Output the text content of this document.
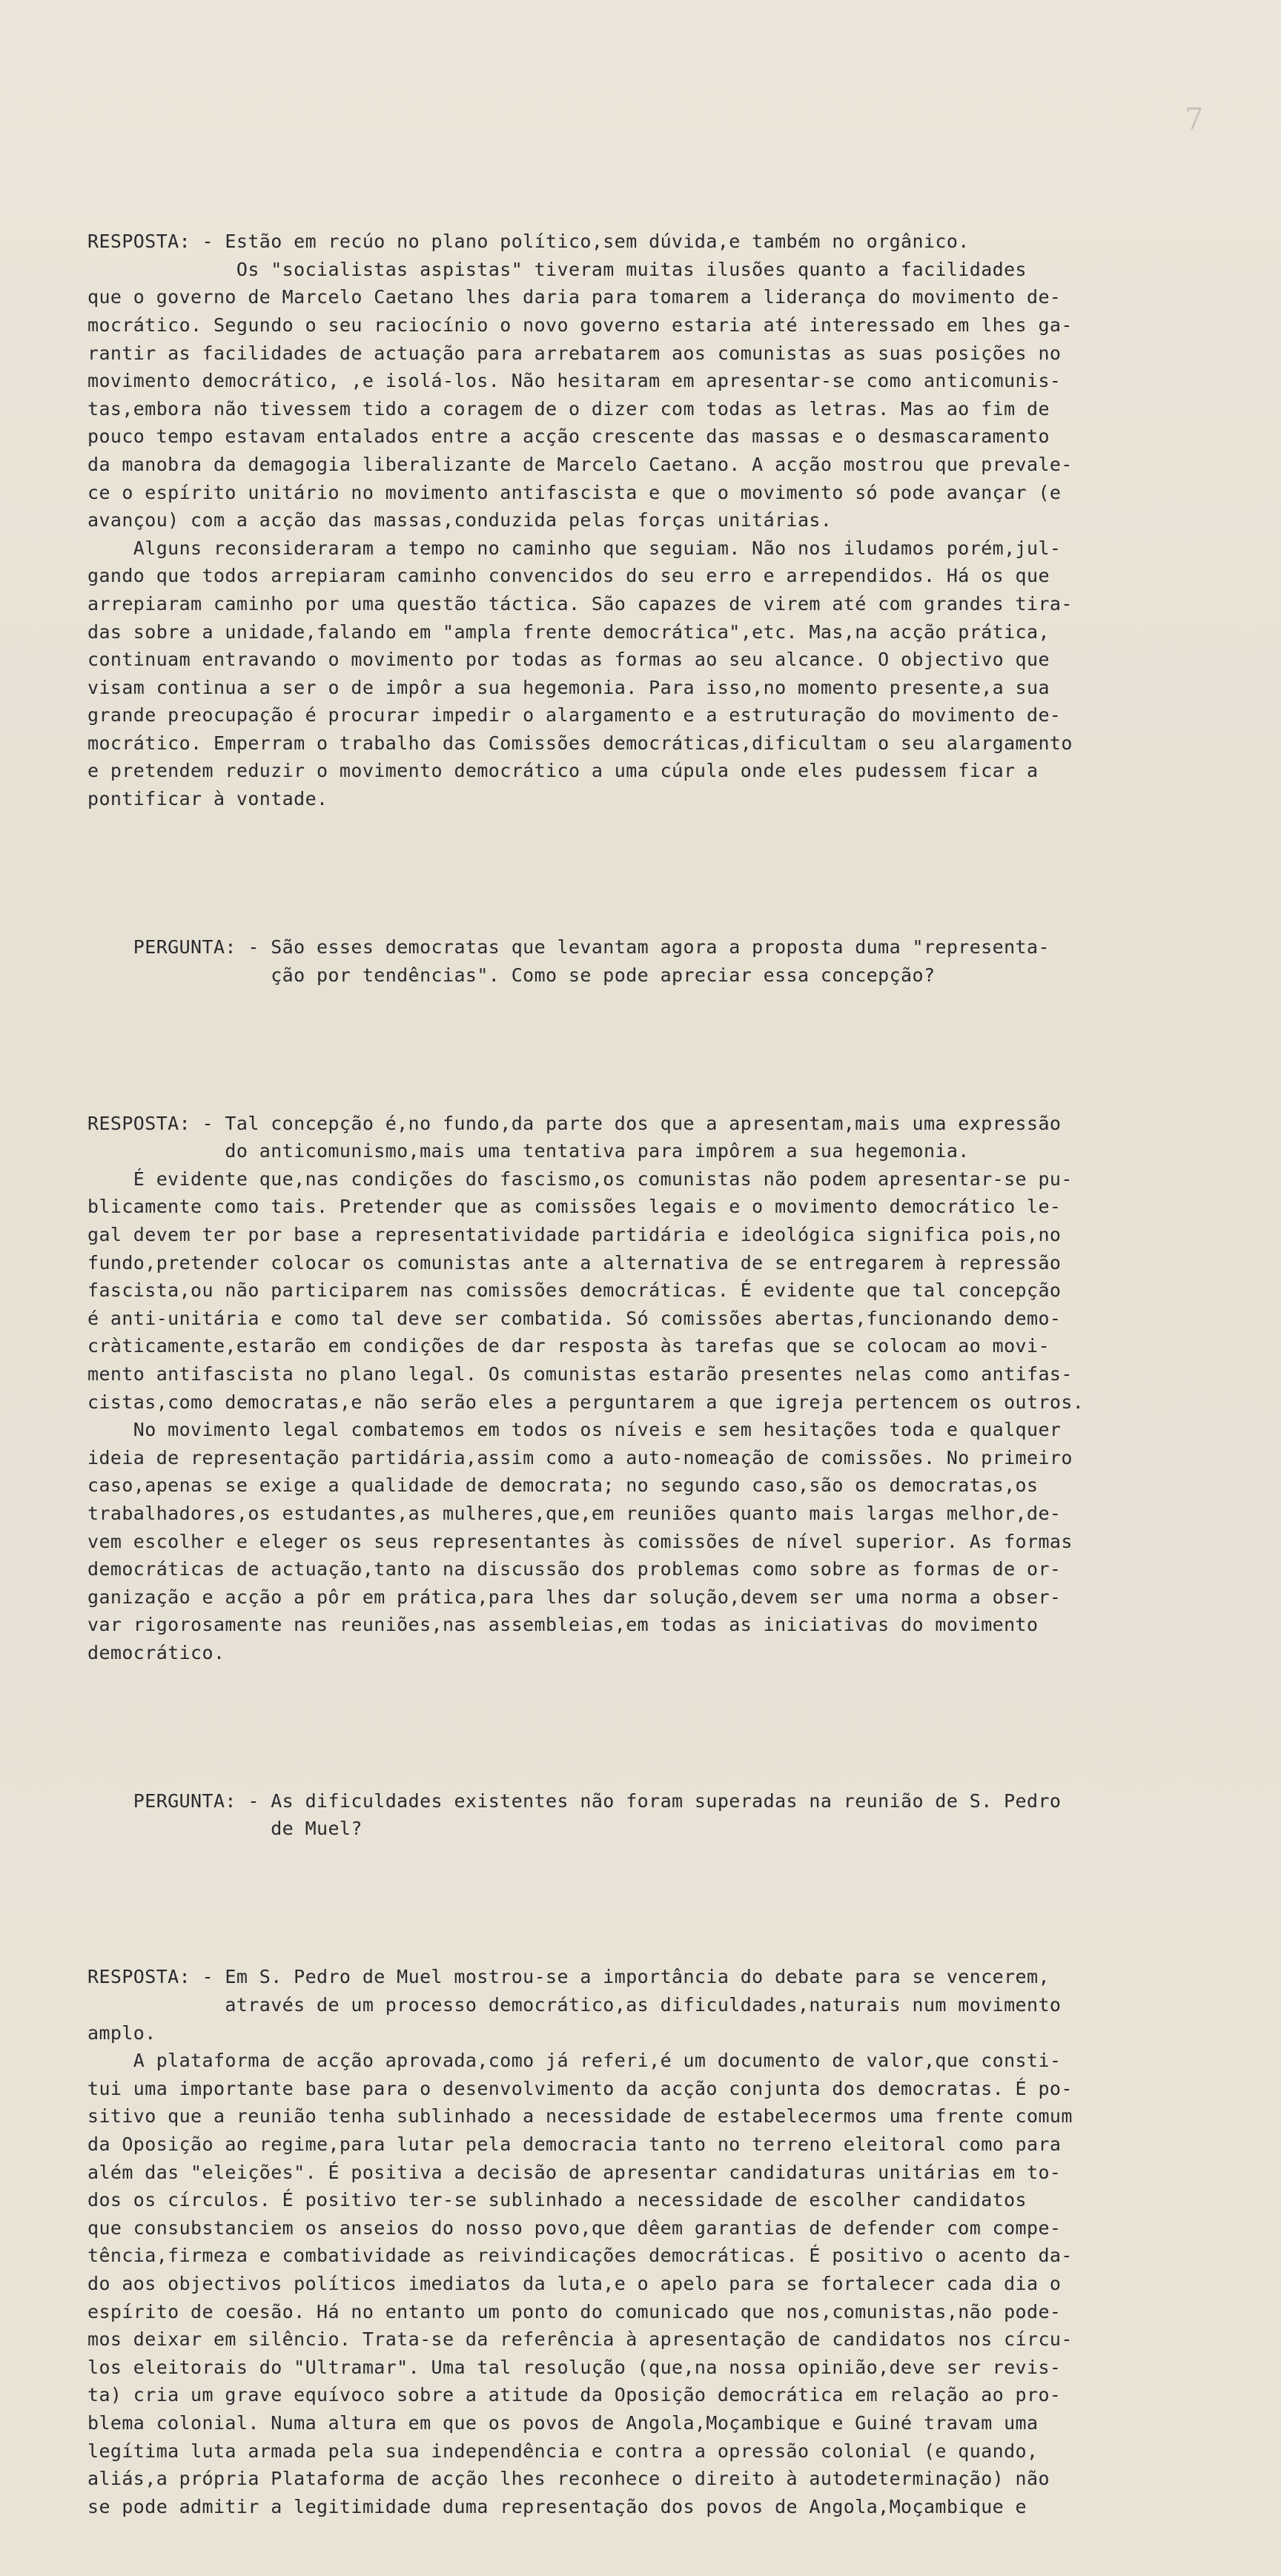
7

RESPOSTA: - Estão em recúo no plano político,sem dúvida,e também no orgânico.
Os "socialistas aspistas" tiveram muitas ilusões quanto a facilidades
que o governo de Marcelo Caetano lhes daria para tomarem a liderança do movimento de-
mocrático. Segundo o seu raciocínio o novo governo estaria até interessado em lhes ga-
rantir as facilidades de actuação para arrebatarem aos comunistas as suas posições no
movimento democrático, ,e isolá-los. Não hesitaram em apresentar-se como anticomunis-
tas,embora não tivessem tido a coragem de o dizer com todas as letras. Mas ao fim de
pouco tempo estavam entalados entre a acção crescente das massas e o desmascaramento
da manobra da demagogia liberalizante de Marcelo Caetano. A acção mostrou que prevale-
ce o espírito unitário no movimento antifascista e que o movimento só pode avançar (e
avançou) com a acção das massas,conduzida pelas forças unitárias.
Alguns reconsideraram a tempo no caminho que seguiam. Não nos iludamos porém,jul-
gando que todos arrepiaram caminho convencidos do seu erro e arrependidos. Há os que
arrepiaram caminho por uma questão táctica. São capazes de virem até com grandes tira-
das sobre a unidade,falando em "ampla frente democrática",etc. Mas,na acção prática,
continuam entravando o movimento por todas as formas ao seu alcance. O objectivo que
visam continua a ser o de impôr a sua hegemonia. Para isso,no momento presente,a sua
grande preocupação é procurar impedir o alargamento e a estruturação do movimento de-
mocrático. Emperram o trabalho das Comissões democráticas,dificultam o seu alargamento
e pretendem reduzir o movimento democrático a uma cúpula onde eles pudessem ficar a
pontificar à vontade.

PERGUNTA: - São esses democratas que levantam agora a proposta duma "representa-
ção por tendências". Como se pode apreciar essa concepção?

RESPOSTA: - Tal concepção é,no fundo,da parte dos que a apresentam,mais uma expressão
do anticomunismo,mais uma tentativa para impôrem a sua hegemonia.
É evidente que,nas condições do fascismo,os comunistas não podem apresentar-se pu-
blicamente como tais. Pretender que as comissões legais e o movimento democrático le-
gal devem ter por base a representatividade partidária e ideológica significa pois,no
fundo,pretender colocar os comunistas ante a alternativa de se entregarem à repressão
fascista,ou não participarem nas comissões democráticas. É evidente que tal concepção
é anti-unitária e como tal deve ser combatida. Só comissões abertas,funcionando demo-
cràticamente,estarão em condições de dar resposta às tarefas que se colocam ao movi-
mento antifascista no plano legal. Os comunistas estarão presentes nelas como antifas-
cistas,como democratas,e não serão eles a perguntarem a que igreja pertencem os outros.
No movimento legal combatemos em todos os níveis e sem hesitações toda e qualquer
ideia de representação partidária,assim como a auto-nomeação de comissões. No primeiro
caso,apenas se exige a qualidade de democrata; no segundo caso,são os democratas,os
trabalhadores,os estudantes,as mulheres,que,em reuniões quanto mais largas melhor,de-
vem escolher e eleger os seus representantes às comissões de nível superior. As formas
democráticas de actuação,tanto na discussão dos problemas como sobre as formas de or-
ganização e acção a pôr em prática,para lhes dar solução,devem ser uma norma a obser-
var rigorosamente nas reuniões,nas assembleias,em todas as iniciativas do movimento
democrático.

PERGUNTA: - As dificuldades existentes não foram superadas na reunião de S. Pedro
de Muel?

RESPOSTA: - Em S. Pedro de Muel mostrou-se a importância do debate para se vencerem,
através de um processo democrático,as dificuldades,naturais num movimento
amplo.
A plataforma de acção aprovada,como já referi,é um documento de valor,que consti-
tui uma importante base para o desenvolvimento da acção conjunta dos democratas. É po-
sitivo que a reunião tenha sublinhado a necessidade de estabelecermos uma frente comum
da Oposição ao regime,para lutar pela democracia tanto no terreno eleitoral como para
além das "eleições". É positiva a decisão de apresentar candidaturas unitárias em to-
dos os círculos. É positivo ter-se sublinhado a necessidade de escolher candidatos
que consubstanciem os anseios do nosso povo,que dêem garantias de defender com compe-
tência,firmeza e combatividade as reivindicações democráticas. É positivo o acento da-
do aos objectivos políticos imediatos da luta,e o apelo para se fortalecer cada dia o
espírito de coesão. Há no entanto um ponto do comunicado que nos,comunistas,não pode-
mos deixar em silêncio. Trata-se da referência à apresentação de candidatos nos círcu-
los eleitorais do "Ultramar". Uma tal resolução (que,na nossa opinião,deve ser revis-
ta) cria um grave equívoco sobre a atitude da Oposição democrática em relação ao pro-
blema colonial. Numa altura em que os povos de Angola,Moçambique e Guiné travam uma
legítima luta armada pela sua independência e contra a opressão colonial (e quando,
aliás,a própria Plataforma de acção lhes reconhece o direito à autodeterminação) não
se pode admitir a legitimidade duma representação dos povos de Angola,Moçambique e
